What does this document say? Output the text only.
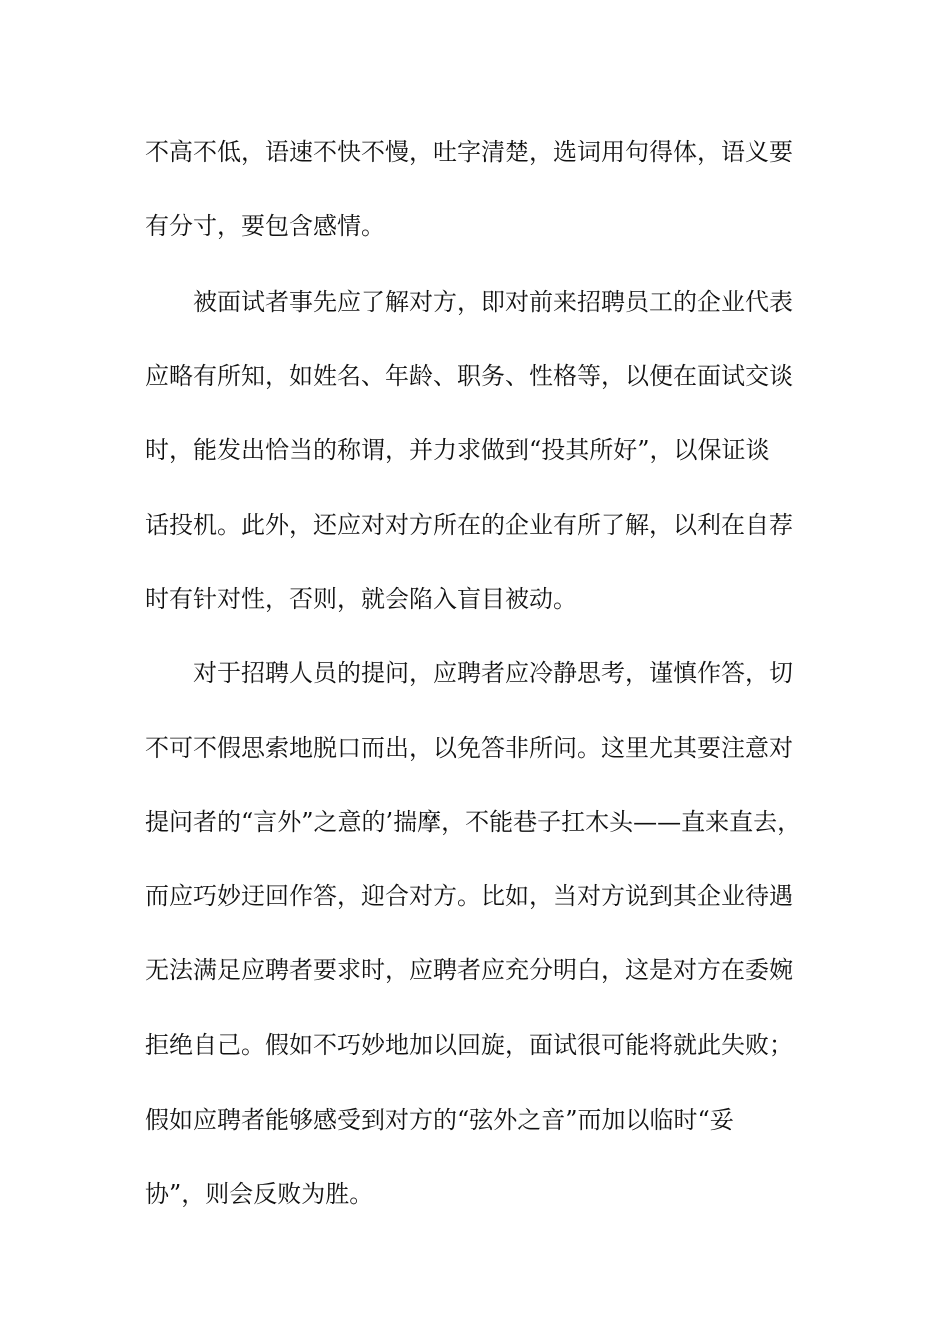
不高不低，语速不快不慢，吐字清楚，选词用句得体，语义要
有分寸，要包含感情。
被面试者事先应了解对方，即对前来招聘员工的企业代表
应略有所知，如姓名、年龄、职务、性格等，以便在面试交谈
时，能发出恰当的称谓，并力求做到“投其所好”，以保证谈
话投机。此外，还应对对方所在的企业有所了解，以利在自荐
时有针对性，否则，就会陷入盲目被动。
对于招聘人员的提问，应聘者应冷静思考，谨慎作答，切
不可不假思索地脱口而出，以免答非所问。这里尤其要注意对
提问者的“言外”之意的’揣摩，不能巷子扛木头——直来直去，
而应巧妙迂回作答，迎合对方。比如，当对方说到其企业待遇
无法满足应聘者要求时，应聘者应充分明白，这是对方在委婉
拒绝自己。假如不巧妙地加以回旋，面试很可能将就此失败；
假如应聘者能够感受到对方的“弦外之音”而加以临时“妥
协”，则会反败为胜。
